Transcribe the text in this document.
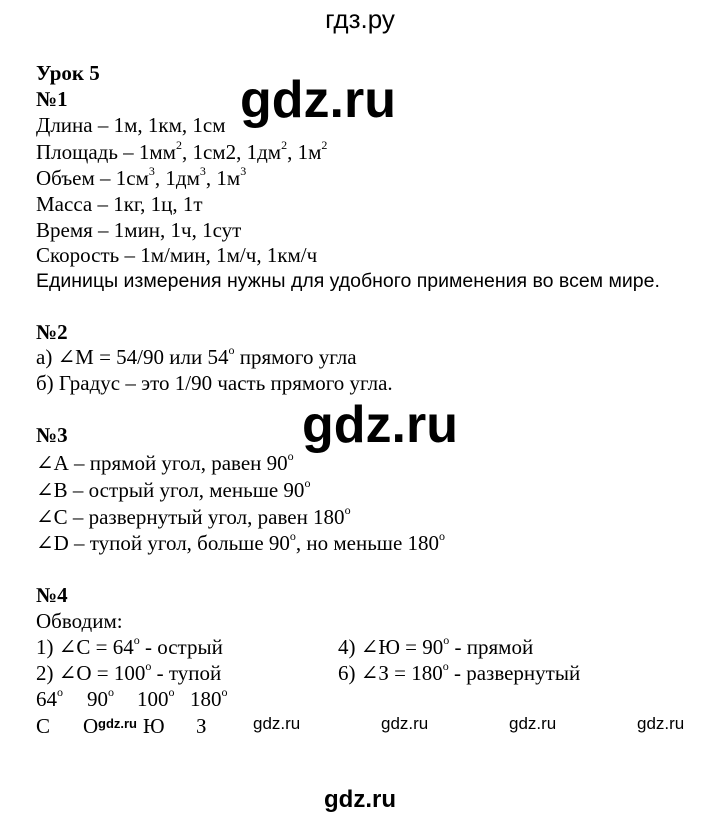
гдз.ру
gdz.ru
gdz.ru
Урок 5
№1
Длина – 1м, 1км, 1см
Площадь – $1мм^2$, 1см2, $1дм^2$, $1м^2$
Объем – $1см^3$, $1дм^3$, $1м^3$
Масса – 1кг, 1ц, 1т
Время – 1мин, 1ч, 1сут
Скорость – 1м/мин, 1м/ч, 1км/ч
Единицы измерения нужны для удобного применения во всем мире.
№2
а) ∠М = 54/90 или $54^о$ прямого угла
б) Градус – это 1/90 часть прямого угла.
№3
∠А – прямой угол, равен $90^о$
∠В – острый угол, меньше $90^о$
∠С – развернутый угол, равен $180^о$
∠D – тупой угол, больше $90^о$, но меньше $180^о$
№4
Обводим:
1) ∠С = $64^о$ - острый	4) ∠Ю = $90^о$ - прямой
2) ∠О = $100^о$ - тупой	6) ∠З = $180^о$ - развернутый
$64^о$ $90^о$ $100^о$ $180^о$
С О gdz.ru Ю З	gdz.ru	gdz.ru	gdz.ru	gdz.ru
gdz.ru
